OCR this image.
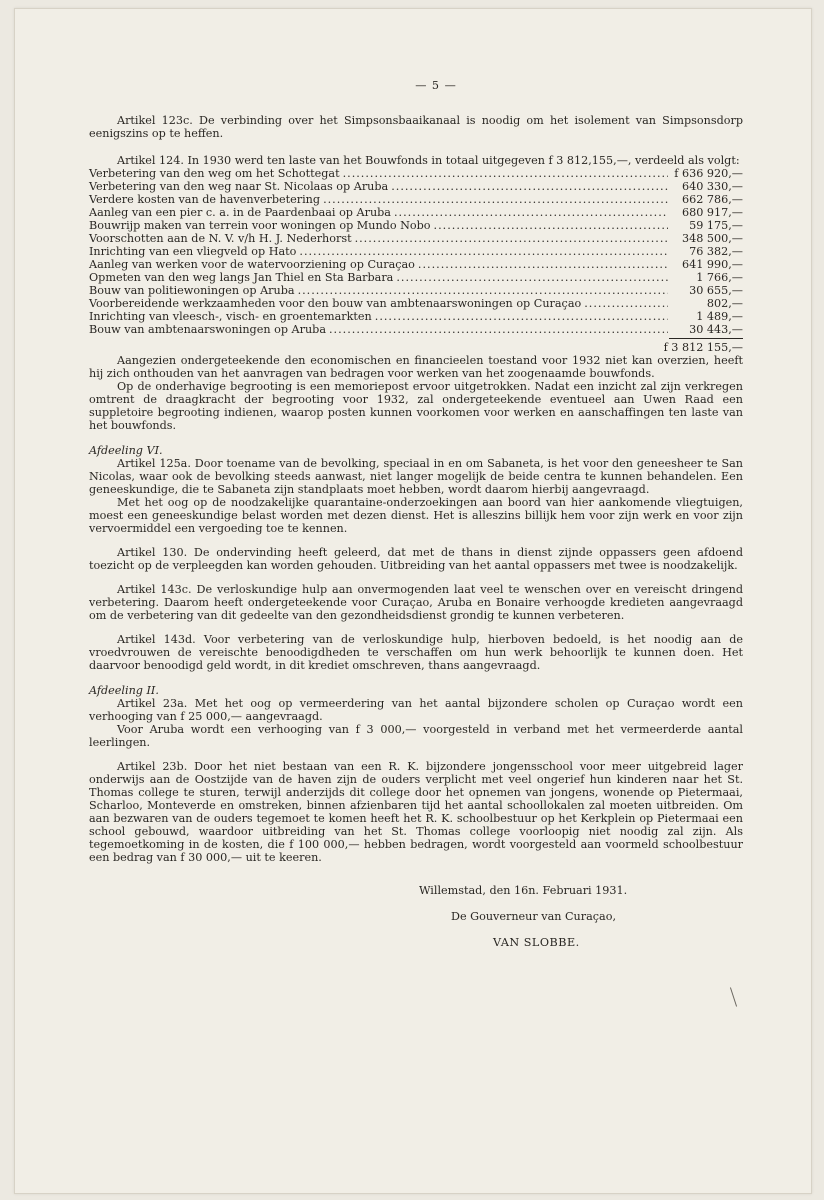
— 5 —

Artikel 123c. De verbinding over het Simpsonsbaaikanaal is noodig om het isolement van Simpsonsdorp eenigszins op te heffen.

Artikel 124. In 1930 werd ten laste van het Bouwfonds in totaal uitgegeven f 3 812,155,—, verdeeld als volgt:

Verbetering van den weg om het Schottegat .....	f 636 920,—
Verbetering van den weg naar St. Nicolaas op Aruba .....	640 330,—
Verdere kosten van de havenverbetering .....	662 786,—
Aanleg van een pier c. a. in de Paardenbaai op Aruba .....	680 917,—
Bouwrijp maken van terrein voor woningen op Mundo Nobo .....	59 175,—
Voorschotten aan de N. V. v/h H. J. Nederhorst .....	348 500,—
Inrichting van een vliegveld op Hato .....	76 382,—
Aanleg van werken voor de watervoorziening op Curaçao .....	641 990,—
Opmeten van den weg langs Jan Thiel en Sta Barbara .....	1 766,—
Bouw van politiewoningen op Aruba .....	30 655,—
Voorbereidende werkzaamheden voor den bouw van ambtenaarswoningen op Curaçao .....	802,—
Inrichting van vleesch-, visch- en groentemarkten .....	1 489,—
Bouw van ambtenaarswoningen op Aruba .....	30 443,—
f 3 812 155,—

Aangezien ondergeteekende den economischen en financieelen toestand voor 1932 niet kan overzien, heeft hij zich onthouden van het aanvragen van bedragen voor werken van het zoogenaamde bouwfonds.

Op de onderhavige begrooting is een memoriepost ervoor uitgetrokken. Nadat een inzicht zal zijn verkregen omtrent de draagkracht der begrooting voor 1932, zal ondergeteekende eventueel aan Uwen Raad een suppletoire begrooting indienen, waarop posten kunnen voorkomen voor werken en aanschaffingen ten laste van het bouwfonds.

Afdeeling VI.

Artikel 125a. Door toename van de bevolking, speciaal in en om Sabaneta, is het voor den geneesheer te San Nicolas, waar ook de bevolking steeds aanwast, niet langer mogelijk de beide centra te kunnen behandelen. Een geneeskundige, die te Sabaneta zijn standplaats moet hebben, wordt daarom hierbij aangevraagd.

Met het oog op de noodzakelijke quarantaine-onderzoekingen aan boord van hier aankomende vliegtuigen, moest een geneeskundige belast worden met dezen dienst. Het is alleszins billijk hem voor zijn werk en voor zijn vervoermiddel een vergoeding toe te kennen.

Artikel 130. De ondervinding heeft geleerd, dat met de thans in dienst zijnde oppassers geen afdoend toezicht op de verpleegden kan worden gehouden. Uitbreiding van het aantal oppassers met twee is noodzakelijk.

Artikel 143c. De verloskundige hulp aan onvermogenden laat veel te wenschen over en vereischt dringend verbetering. Daarom heeft ondergeteekende voor Curaçao, Aruba en Bonaire verhoogde kredieten aangevraagd om de verbetering van dit gedeelte van den gezondheidsdienst grondig te kunnen verbeteren.

Artikel 143d. Voor verbetering van de verloskundige hulp, hierboven bedoeld, is het noodig aan de vroedvrouwen de vereischte benoodigdheden te verschaffen om hun werk behoorlijk te kunnen doen. Het daarvoor benoodigd geld wordt, in dit krediet omschreven, thans aangevraagd.

Afdeeling II.

Artikel 23a. Met het oog op vermeerdering van het aantal bijzondere scholen op Curaçao wordt een verhooging van f 25 000,— aangevraagd.

Voor Aruba wordt een verhooging van f 3 000,— voorgesteld in verband met het vermeerderde aantal leerlingen.

Artikel 23b. Door het niet bestaan van een R. K. bijzondere jongensschool voor meer uitgebreid lager onderwijs aan de Oostzijde van de haven zijn de ouders verplicht met veel ongerief hun kinderen naar het St. Thomas college te sturen, terwijl anderzijds dit college door het opnemen van jongens, wonende op Pietermaai, Scharloo, Monteverde en omstreken, binnen afzienbaren tijd het aantal schoollokalen zal moeten uitbreiden. Om aan bezwaren van de ouders tegemoet te komen heeft het R. K. schoolbestuur op het Kerkplein op Pietermaai een school gebouwd, waardoor uitbreiding van het St. Thomas college voorloopig niet noodig zal zijn. Als tegemoetkoming in de kosten, die f 100 000,— hebben bedragen, wordt voorgesteld aan voormeld schoolbestuur een bedrag van f 30 000,— uit te keeren.

Willemstad, den 16n. Februari 1931.
De Gouverneur van Curaçao,
VAN SLOBBE.
